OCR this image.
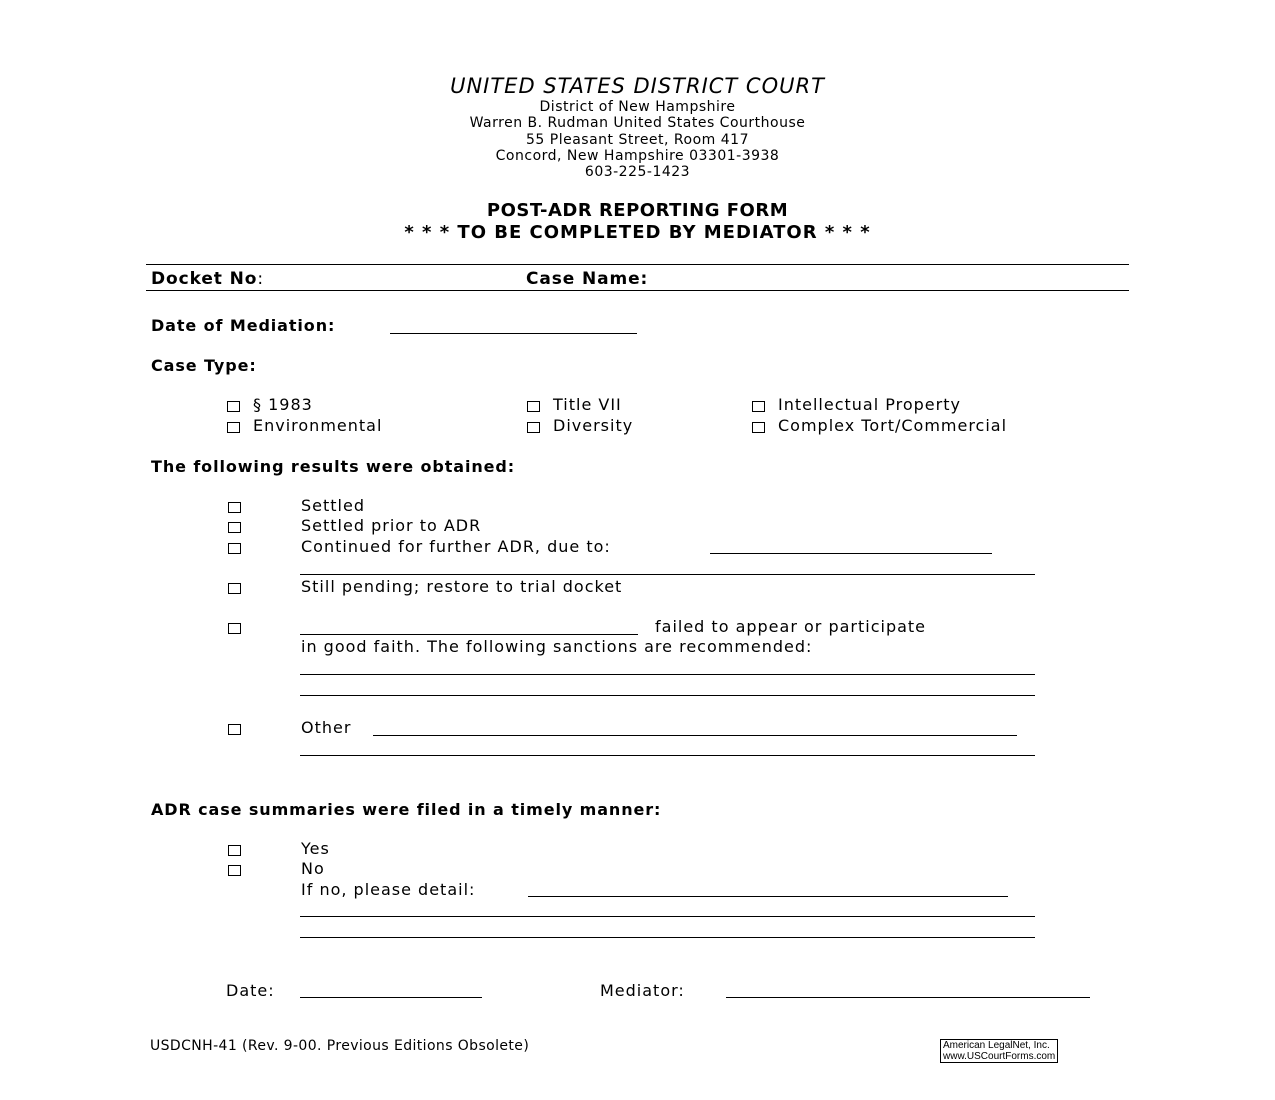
UNITED STATES DISTRICT COURT
District of New Hampshire
Warren B. Rudman United States Courthouse
55 Pleasant Street, Room 417
Concord, New Hampshire 03301-3938
603-225-1423
POST-ADR REPORTING FORM
* * * TO BE COMPLETED BY MEDIATOR * * *
Docket No:	Case Name:
Date of Mediation:
Case Type:
§ 1983	Title VII	Intellectual Property
Environmental	Diversity	Complex Tort/Commercial
The following results were obtained:
Settled
Settled prior to ADR
Continued for further ADR, due to:
Still pending; restore to trial docket
failed to appear or participate
in good faith. The following sanctions are recommended:
Other
ADR case summaries were filed in a timely manner:
Yes
No
If no, please detail:
Date:	Mediator:
USDCNH-41 (Rev. 9-00. Previous Editions Obsolete)	American LegalNet, Inc.
www.USCourtForms.com
